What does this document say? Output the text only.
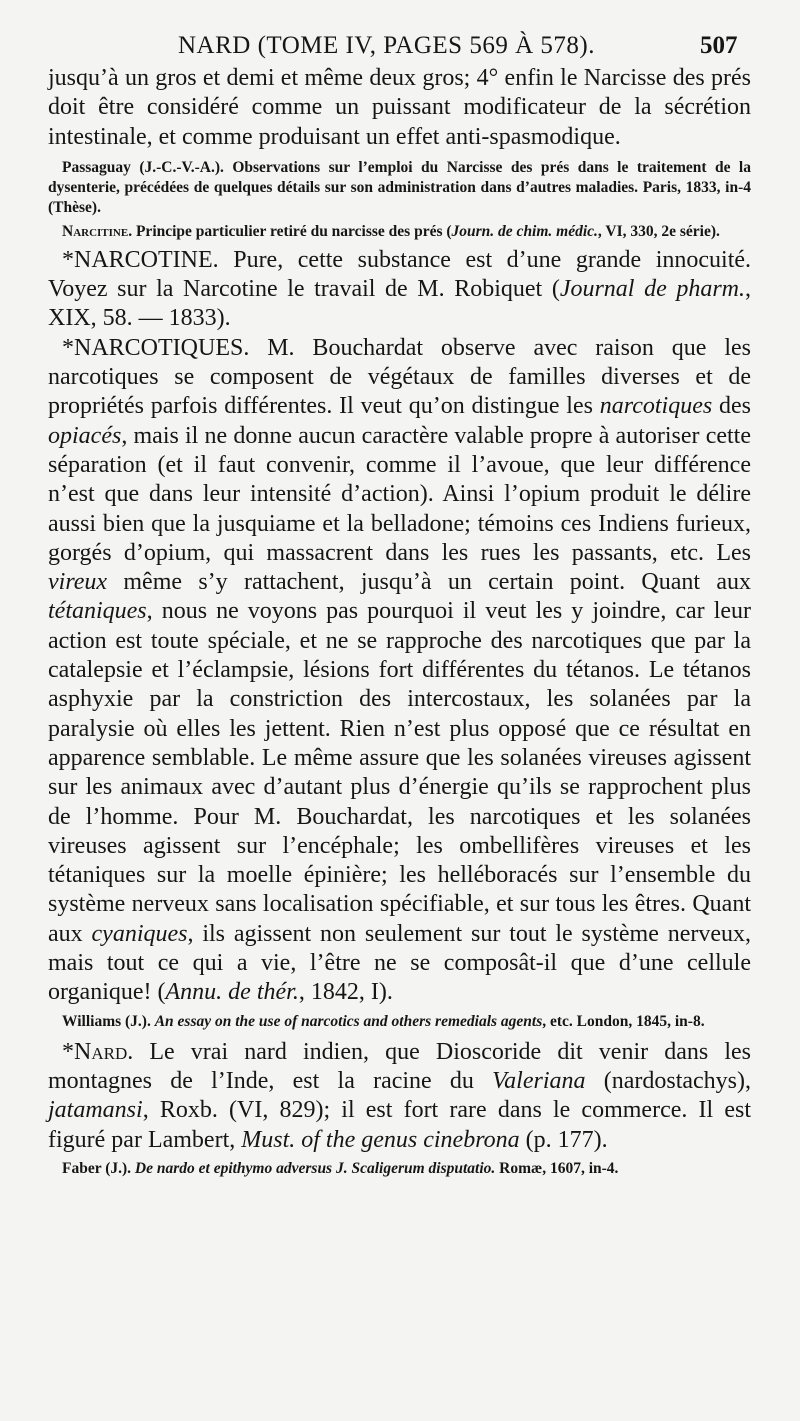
NARD (TOME IV, PAGES 569 À 578).	507

jusqu’à un gros et demi et même deux gros; 4° enfin le Narcisse des prés doit être considéré comme un puissant modificateur de la sécrétion intestinale, et comme produisant un effet anti-spasmodique.

Passaguay (J.-C.-V.-A.). Observations sur l’emploi du Narcisse des prés dans le traitement de la dysenterie, précédées de quelques détails sur son administration dans d’autres maladies. Paris, 1833, in-4 (Thèse).

Narcitine. Principe particulier retiré du narcisse des prés (Journ. de chim. médic., VI, 330, 2e série).

*NARCOTINE. Pure, cette substance est d’une grande innocuité. Voyez sur la Narcotine le travail de M. Robiquet (Journal de pharm., XIX, 58. — 1833).

*NARCOTIQUES. M. Bouchardat observe avec raison que les narcotiques se composent de végétaux de familles diverses et de propriétés parfois différentes. Il veut qu’on distingue les narcotiques des opiacés, mais il ne donne aucun caractère valable propre à autoriser cette séparation (et il faut convenir, comme il l’avoue, que leur différence n’est que dans leur intensité d’action). Ainsi l’opium produit le délire aussi bien que la jusquiame et la belladone; témoins ces Indiens furieux, gorgés d’opium, qui massacrent dans les rues les passants, etc. Les vireux même s’y rattachent, jusqu’à un certain point. Quant aux tétaniques, nous ne voyons pas pourquoi il veut les y joindre, car leur action est toute spéciale, et ne se rapproche des narcotiques que par la catalepsie et l’éclampsie, lésions fort différentes du tétanos. Le tétanos asphyxie par la constriction des intercostaux, les solanées par la paralysie où elles les jettent. Rien n’est plus opposé que ce résultat en apparence semblable. Le même assure que les solanées vireuses agissent sur les animaux avec d’autant plus d’énergie qu’ils se rapprochent plus de l’homme. Pour M. Bouchardat, les narcotiques et les solanées vireuses agissent sur l’encéphale; les ombellifères vireuses et les tétaniques sur la moelle épinière; les helléboracés sur l’ensemble du système nerveux sans localisation spécifiable, et sur tous les êtres. Quant aux cyaniques, ils agissent non seulement sur tout le système nerveux, mais tout ce qui a vie, l’être ne se composât-il que d’une cellule organique! (Annu. de thér., 1842, I).

Williams (J.). An essay on the use of narcotics and others remedials agents, etc. London, 1845, in-8.

*Nard. Le vrai nard indien, que Dioscoride dit venir dans les montagnes de l’Inde, est la racine du Valeriana (nardostachys), jatamansi, Roxb. (VI, 829); il est fort rare dans le commerce. Il est figuré par Lambert, Must. of the genus cinebrona (p. 177).

Faber (J.). De nardo et epithymo adversus J. Scaligerum disputatio. Romæ, 1607, in-4.
